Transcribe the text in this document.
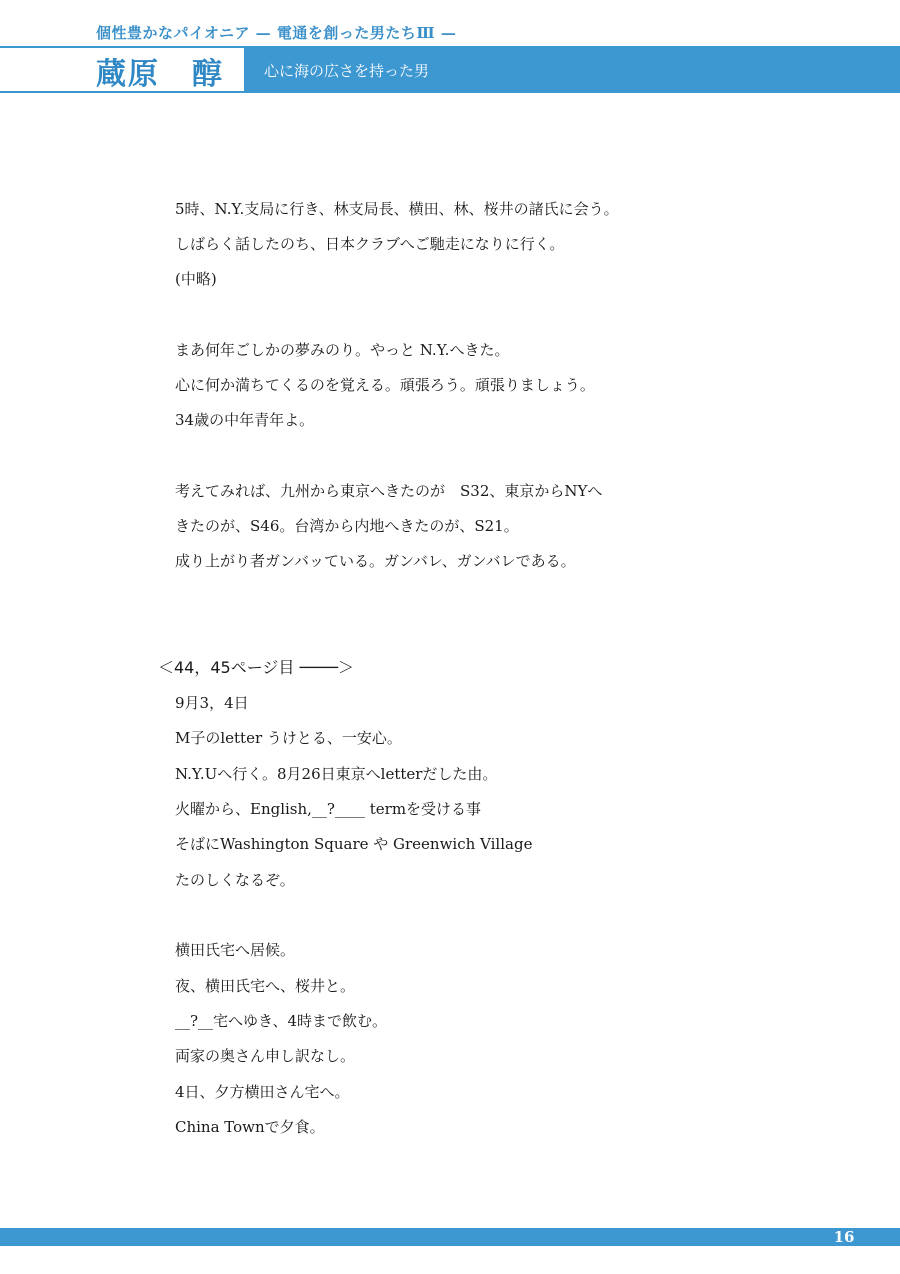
個性豊かなパイオニア — 電通を創った男たちⅢ —
蔵原　醇	心に海の広さを持った男
5時、N.Y.支局に行き、林支局長、横田、林、桜井の諸氏に会う。
しばらく話したのち、日本クラブへご馳走になりに行く。
(中略)
まあ何年ごしかの夢みのり。やっと N.Y.へきた。
心に何か満ちてくるのを覚える。頑張ろう。頑張りましょう。
34歳の中年青年よ。
考えてみれば、九州から東京へきたのが　S32、東京からNYへ
きたのが、S46。台湾から内地へきたのが、S21。
成り上がり者ガンバッている。ガンバレ、ガンバレである。
＜44，45ページ目 ────＞
9月3，4日
M子のletter うけとる、一安心。
N.Y.Uへ行く。8月26日東京へletterだした由。
火曜から、English,__?____ termを受ける事
そばにWashington Square や Greenwich Village
たのしくなるぞ。
横田氏宅へ居候。
夜、横田氏宅へ、桜井と。
__?__宅へゆき、4時まで飲む。
両家の奥さん申し訳なし。
4日、夕方横田さん宅へ。
China Townで夕食。
16
